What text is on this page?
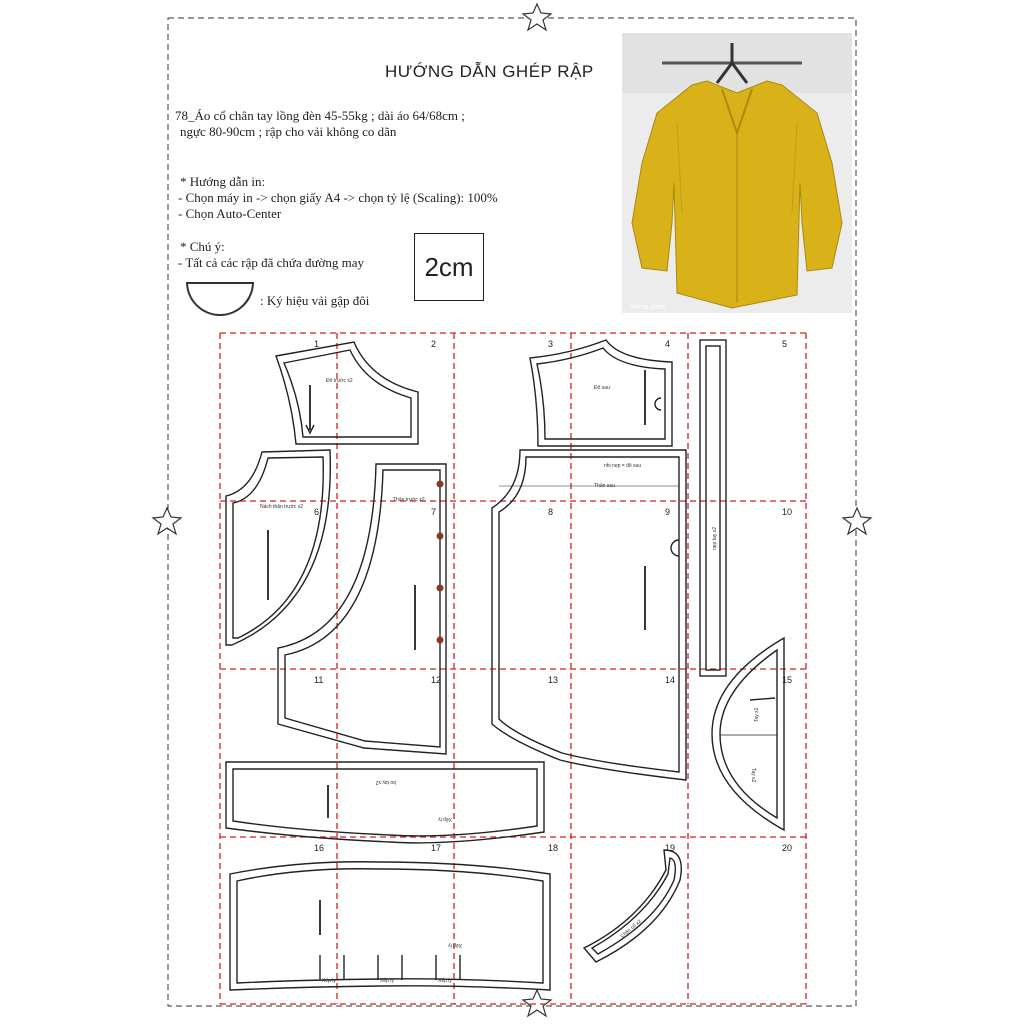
HƯỚNG DẪN GHÉP RẬP
78_Áo cổ chân tay lồng đèn 45-55kg ; dài áo 64/68cm ;
ngực 80-90cm ; rập cho vải không co dãn
* Hướng dẫn in:
- Chọn máy in -> chọn giấy A4 -> chọn tỷ lệ (Scaling): 100%
- Chọn Auto-Center
* Chú ý:
- Tất cả các rập đã chứa đường may 2cm
: Ký hiệu vải gập đôi	Xoma store
1	2	3	4	5
6	7	8	9	10
11	12	13	14	15
16	17	18	19	20
Đô trước x2
Đô sau
Nách thân trước x2
Thân trước x2
nhi nẹp = đô sau
Thân sau
nẹp tay x2
Tay x2
Tay x2
bo tay x2
Xếp ly
Xếp ly
Chân cổ x2
Xếp ly	Xếp ly	Xếp ly
